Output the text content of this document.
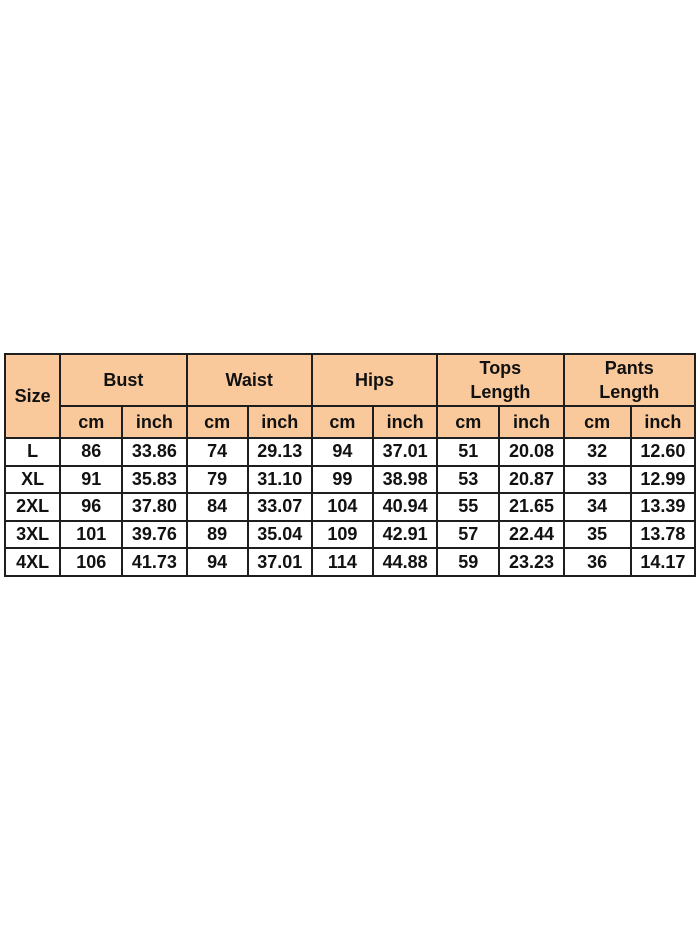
Size	Bust		Waist		Hips		Tops Length		Pants Length	
	cm	inch	cm	inch	cm	inch	cm	inch	cm	inch
L	86	33.86	74	29.13	94	37.01	51	20.08	32	12.60
XL	91	35.83	79	31.10	99	38.98	53	20.87	33	12.99
2XL	96	37.80	84	33.07	104	40.94	55	21.65	34	13.39
3XL	101	39.76	89	35.04	109	42.91	57	22.44	35	13.78
4XL	106	41.73	94	37.01	114	44.88	59	23.23	36	14.17
